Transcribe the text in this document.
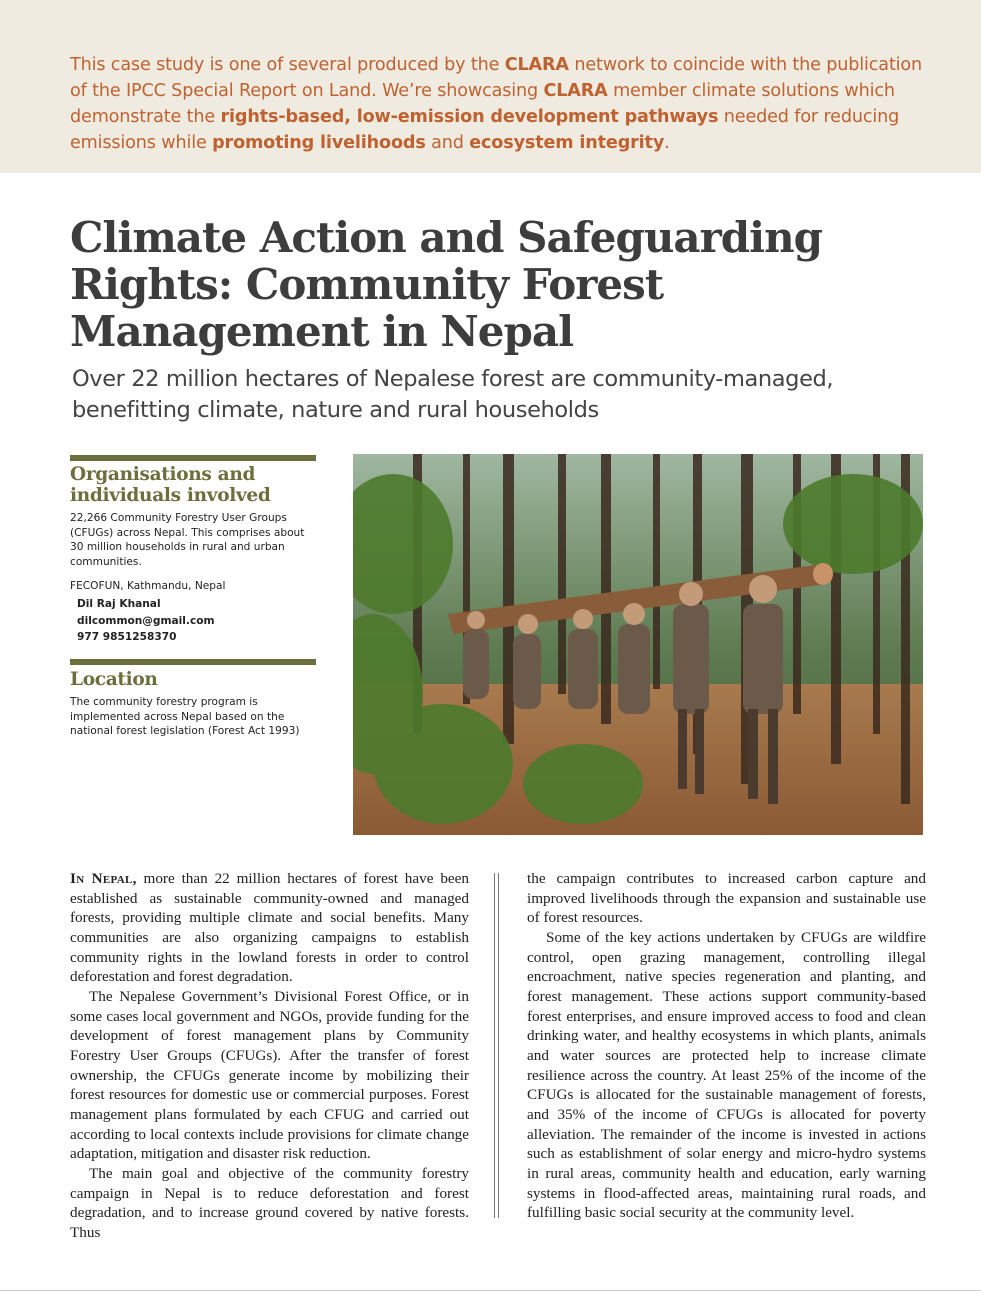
This case study is one of several produced by the CLARA network to coincide with the publication of the IPCC Special Report on Land. We’re showcasing CLARA member climate solutions which demonstrate the rights-based, low-emission development pathways needed for reducing emissions while promoting livelihoods and ecosystem integrity.
Climate Action and Safeguarding Rights: Community Forest Management in Nepal
Over 22 million hectares of Nepalese forest are community-managed, benefitting climate, nature and rural households
Organisations and individuals involved
22,266 Community Forestry User Groups (CFUGs) across Nepal. This comprises about 30 million households in rural and urban communities.
FECOFUN, Kathmandu, Nepal
Dil Raj Khanal
dilcommon@gmail.com
977 9851258370
Location
The community forestry program is implemented across Nepal based on the national forest legislation (Forest Act 1993)

In Nepal, more than 22 million hectares of forest have been established as sustainable community-owned and managed forests, providing multiple climate and social benefits. Many communities are also organizing campaigns to establish community rights in the lowland forests in order to control deforestation and forest degradation.

The Nepalese Government’s Divisional Forest Office, or in some cases local government and NGOs, provide funding for the development of forest management plans by Community Forestry User Groups (CFUGs). After the transfer of forest ownership, the CFUGs generate income by mobilizing their forest resources for domestic use or commercial purposes. Forest management plans formulated by each CFUG and carried out according to local contexts include provisions for climate change adaptation, mitigation and disaster risk reduction.

The main goal and objective of the community forestry campaign in Nepal is to reduce deforestation and forest degradation, and to increase ground covered by native forests. Thus

the campaign contributes to increased carbon capture and improved livelihoods through the expansion and sustainable use of forest resources.

Some of the key actions undertaken by CFUGs are wildfire control, open grazing management, controlling illegal encroachment, native species regeneration and planting, and forest management. These actions support community-based forest enterprises, and ensure improved access to food and clean drinking water, and healthy ecosystems in which plants, animals and water sources are protected help to increase climate resilience across the country. At least 25% of the income of the CFUGs is allocated for the sustainable management of forests, and 35% of the income of CFUGs is allocated for poverty alleviation. The remainder of the income is invested in actions such as establishment of solar energy and micro-hydro systems in rural areas, community health and education, early warning systems in flood-affected areas, maintaining rural roads, and fulfilling basic social security at the community level.
